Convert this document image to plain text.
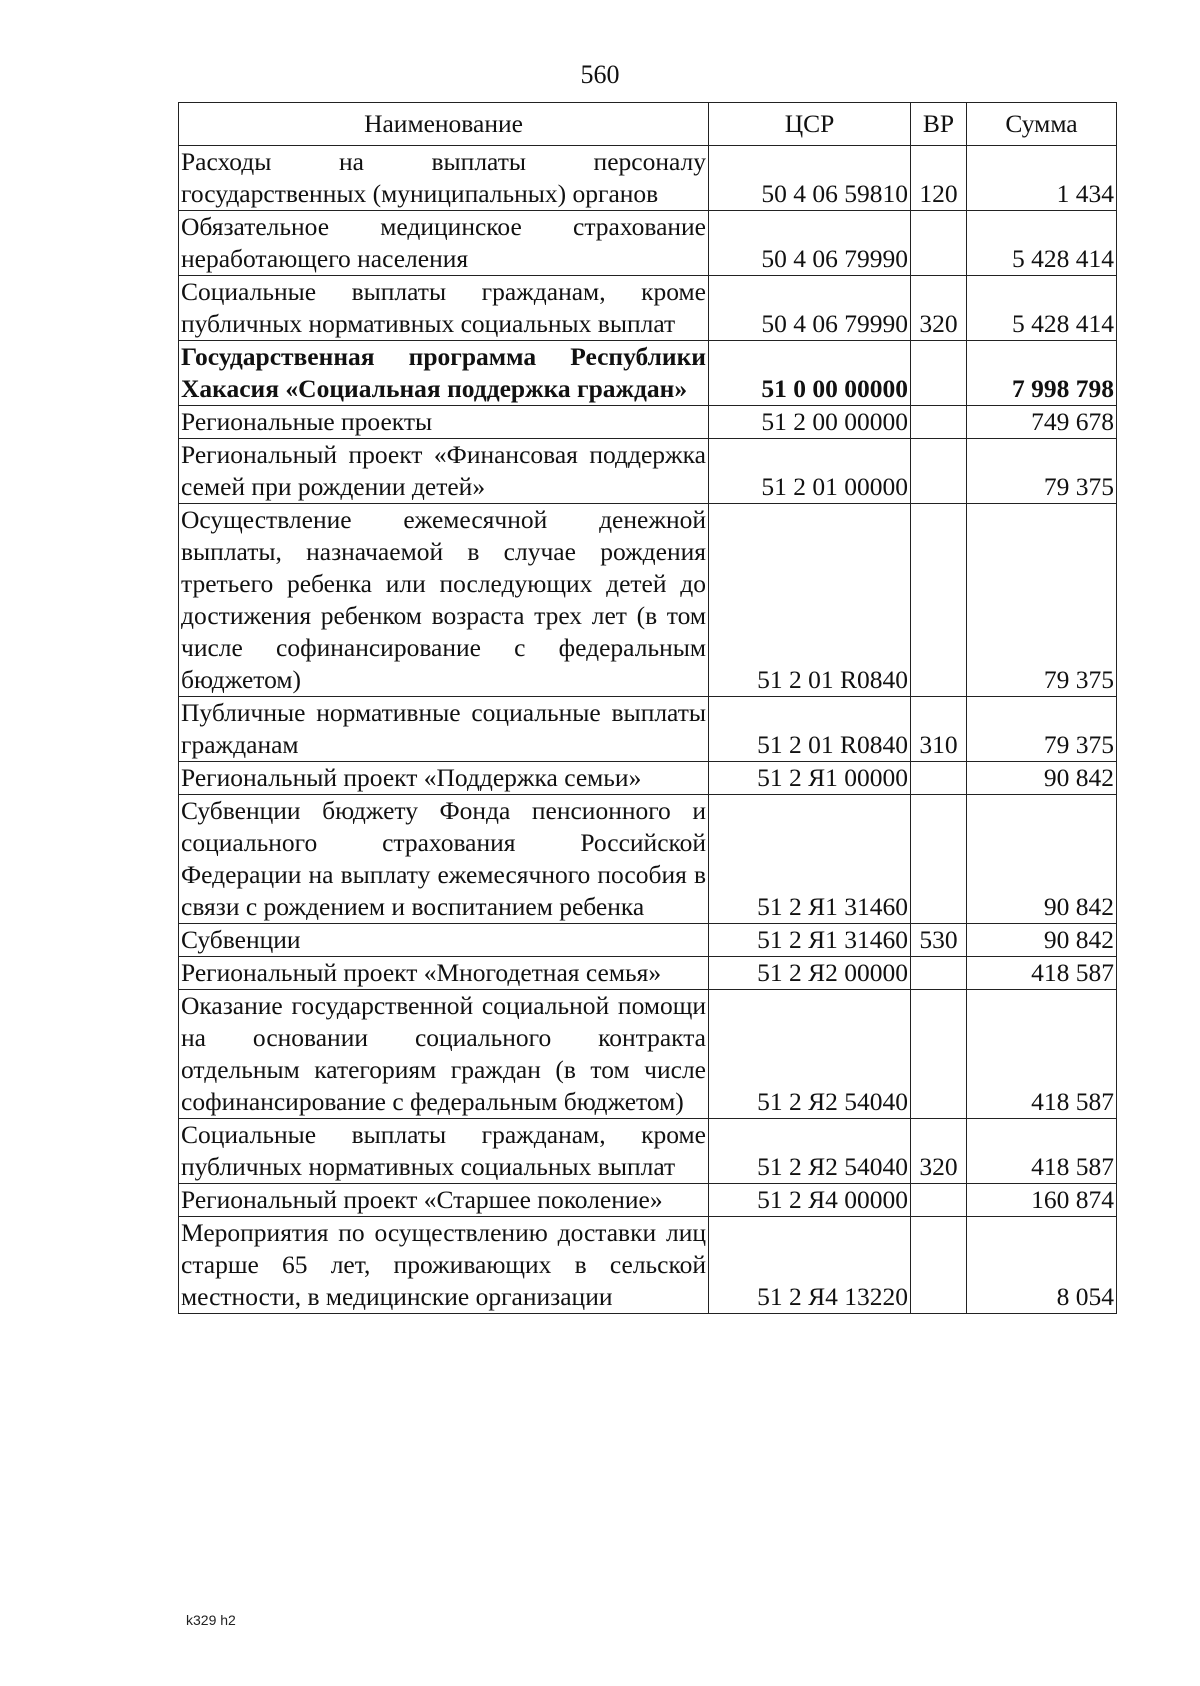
560
Наименование	ЦСР	ВР	Сумма
Расходы на выплаты персоналу государственных (муниципальных) органов	50 4 06 59810	120	1 434
Обязательное медицинское страхование неработающего населения	50 4 06 79990		5 428 414
Социальные выплаты гражданам, кроме публичных нормативных социальных выплат	50 4 06 79990	320	5 428 414
Государственная программа Республики Хакасия «Социальная поддержка граждан»	51 0 00 00000		7 998 798
Региональные проекты	51 2 00 00000		749 678
Региональный проект «Финансовая поддержка семей при рождении детей»	51 2 01 00000		79 375
Осуществление ежемесячной денежной выплаты, назначаемой в случае рождения третьего ребенка или последующих детей до достижения ребенком возраста трех лет (в том числе софинансирование с федеральным бюджетом)	51 2 01 R0840		79 375
Публичные нормативные социальные выплаты гражданам	51 2 01 R0840	310	79 375
Региональный проект «Поддержка семьи»	51 2 Я1 00000		90 842
Субвенции бюджету Фонда пенсионного и социального страхования Российской Федерации на выплату ежемесячного пособия в связи с рождением и воспитанием ребенка	51 2 Я1 31460		90 842
Субвенции	51 2 Я1 31460	530	90 842
Региональный проект «Многодетная семья»	51 2 Я2 00000		418 587
Оказание государственной социальной помощи на основании социального контракта отдельным категориям граждан (в том числе софинансирование с федеральным бюджетом)	51 2 Я2 54040		418 587
Социальные выплаты гражданам, кроме публичных нормативных социальных выплат	51 2 Я2 54040	320	418 587
Региональный проект «Старшее поколение»	51 2 Я4 00000		160 874
Мероприятия по осуществлению доставки лиц старше 65 лет, проживающих в сельской местности, в медицинские организации	51 2 Я4 13220		8 054
k329 h2
